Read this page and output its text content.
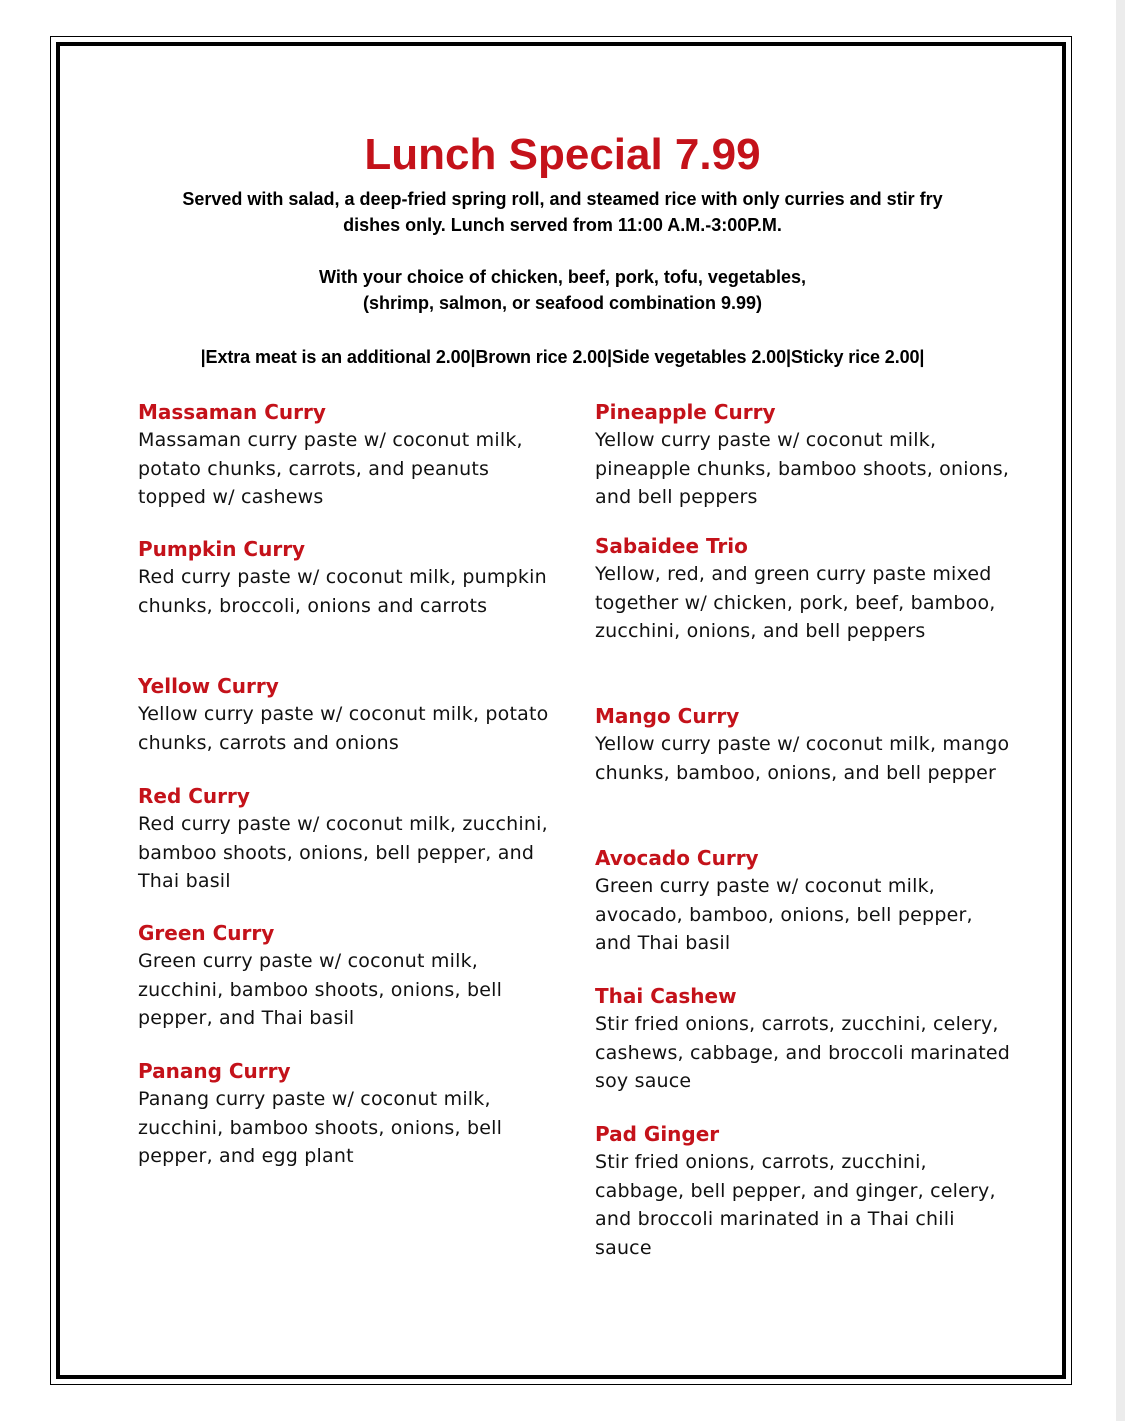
Lunch Special 7.99

Served with salad, a deep-fried spring roll, and steamed rice with only curries and stir fry
dishes only. Lunch served from 11:00 A.M.-3:00P.M.

With your choice of chicken, beef, pork, tofu, vegetables,
(shrimp, salmon, or seafood combination 9.99)

|Extra meat is an additional 2.00|Brown rice 2.00|Side vegetables 2.00|Sticky rice 2.00|

Massaman Curry

Massaman curry paste w/ coconut milk, potato chunks, carrots, and peanuts topped w/ cashews

Pumpkin Curry

Red curry paste w/ coconut milk, pumpkin chunks, broccoli, onions and carrots

Yellow Curry

Yellow curry paste w/ coconut milk, potato chunks, carrots and onions

Red Curry

Red curry paste w/ coconut milk, zucchini, bamboo shoots, onions, bell pepper, and Thai basil

Green Curry

Green curry paste w/ coconut milk, zucchini, bamboo shoots, onions, bell pepper, and Thai basil

Panang Curry

Panang curry paste w/ coconut milk, zucchini, bamboo shoots, onions, bell pepper, and egg plant

Pineapple Curry

Yellow curry paste w/ coconut milk, pineapple chunks, bamboo shoots, onions, and bell peppers

Sabaidee Trio

Yellow, red, and green curry paste mixed together w/ chicken, pork, beef, bamboo, zucchini, onions, and bell peppers

Mango Curry

Yellow curry paste w/ coconut milk, mango chunks, bamboo, onions, and bell pepper

Avocado Curry

Green curry paste w/ coconut milk, avocado, bamboo, onions, bell pepper, and Thai basil

Thai Cashew

Stir fried onions, carrots, zucchini, celery, cashews, cabbage, and broccoli marinated soy sauce

Pad Ginger

Stir fried onions, carrots, zucchini, cabbage, bell pepper, and ginger, celery, and broccoli marinated in a Thai chili sauce
